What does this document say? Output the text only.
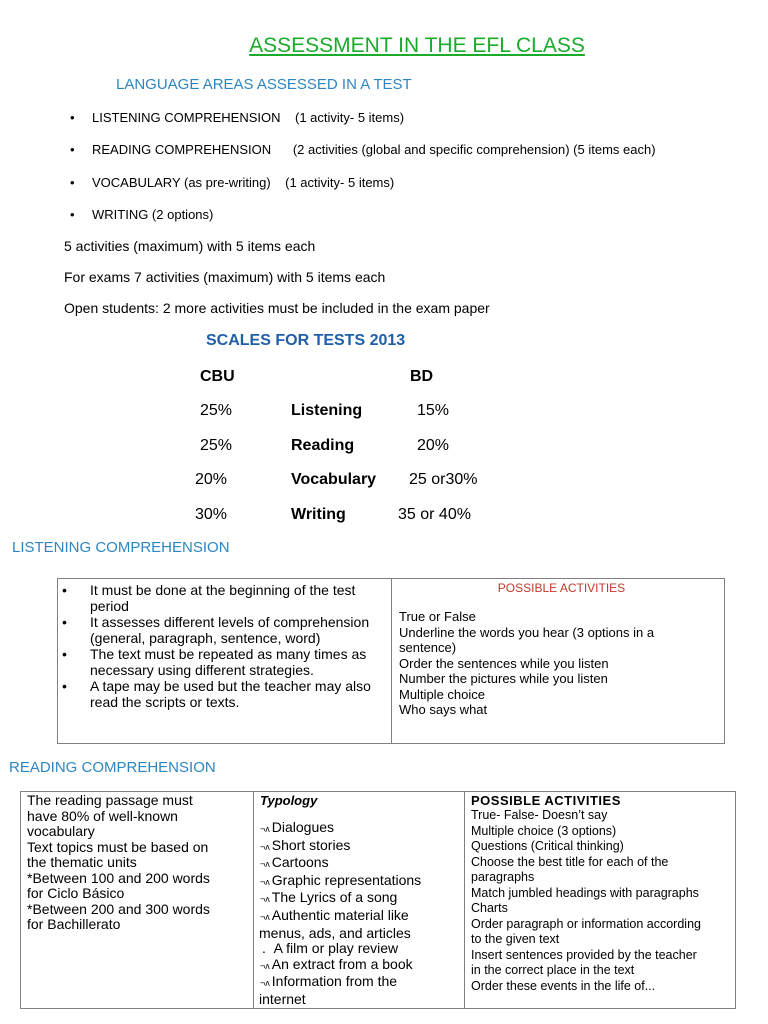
ASSESSMENT IN THE EFL CLASS
LANGUAGE AREAS ASSESSED IN A TEST
• LISTENING COMPREHENSION (1 activity- 5 items)
• READING COMPREHENSION (2 activities (global and specific comprehension) (5 items each)
• VOCABULARY (as pre-writing) (1 activity- 5 items)
• WRITING (2 options)
5 activities (maximum) with 5 items each
For exams 7 activities (maximum) with 5 items each
Open students: 2 more activities must be included in the exam paper
SCALES FOR TESTS 2013
CBU	BD
25%	Listening	15%
25%	Reading	20%
20%	Vocabulary 25 or30%
30%	Writing	35 or 40%
LISTENING COMPREHENSION
• It must be done at the beginning of the test period
• It assesses different levels of comprehension (general, paragraph, sentence, word)
• The text must be repeated as many times as necessary using different strategies.
• A tape may be used but the teacher may also read the scripts or texts.

POSSIBLE ACTIVITIES
True or False
Underline the words you hear (3 options in a
sentence)
Order the sentences while you listen
Number the pictures while you listen
Multiple choice
Who says what
READING COMPREHENSION
The reading passage must
have 80% of well-known
vocabulary
Text topics must be based on
the thematic units
*Between 100 and 200 words
for Ciclo Básico
*Between 200 and 300 words
for Bachillerato

Typology
¬ᴧ Dialogues
¬ᴧ Short stories
¬ᴧ Cartoons
¬ᴧ Graphic representations
¬ᴧ The Lyrics of a song
¬ᴧ Authentic material like
menus, ads, and articles
.  A film or play review
¬ᴧ An extract from a book
¬ᴧ Information from the
internet

POSSIBLE ACTIVITIES
True- False- Doesn’t say
Multiple choice (3 options)
Questions (Critical thinking)
Choose the best title for each of the
paragraphs
Match jumbled headings with paragraphs
Charts
Order paragraph or information according
to the given text
Insert sentences provided by the teacher
in the correct place in the text
Order these events in the life of...
